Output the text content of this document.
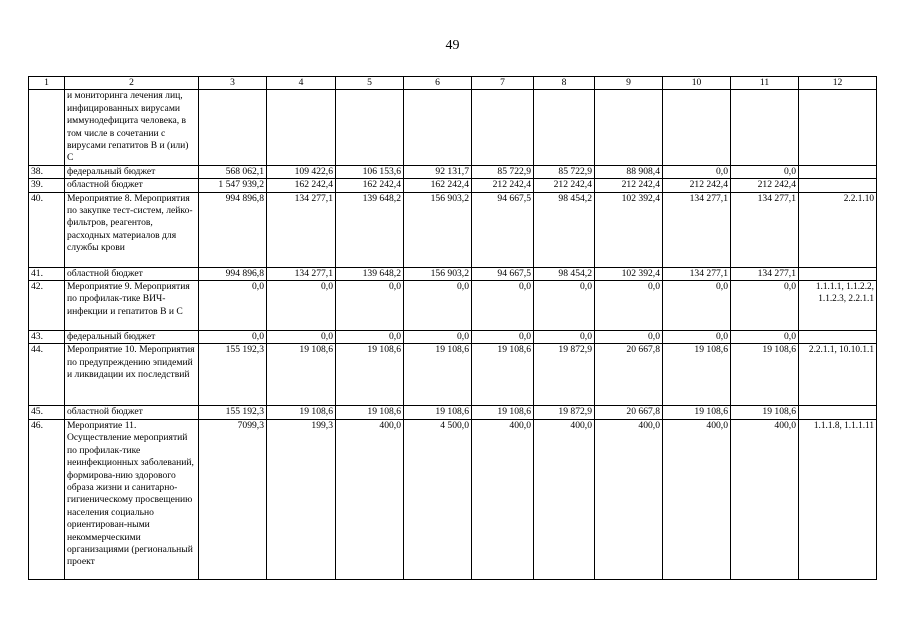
49
1	2	3	4	5	6	7	8	9	10	11	12
	и мониторинга лечения лиц, инфицированных вирусами иммунодефицита человека, в том числе в сочетании с вирусами гепатитов В и (или) С										
38.	федеральный бюджет	568 062,1	109 422,6	106 153,6	92 131,7	85 722,9	85 722,9	88 908,4	0,0	0,0	
39.	областной бюджет	1 547 939,2	162 242,4	162 242,4	162 242,4	212 242,4	212 242,4	212 242,4	212 242,4	212 242,4	
40.	Мероприятие 8. Мероприятия по закупке тест-систем, лейко-фильтров, реагентов, расходных материалов для службы крови	994 896,8	134 277,1	139 648,2	156 903,2	94 667,5	98 454,2	102 392,4	134 277,1	134 277,1	2.2.1.10
41.	областной бюджет	994 896,8	134 277,1	139 648,2	156 903,2	94 667,5	98 454,2	102 392,4	134 277,1	134 277,1	
42.	Мероприятие 9. Мероприятия по профилак-тике ВИЧ-инфекции и гепатитов В и С	0,0	0,0	0,0	0,0	0,0	0,0	0,0	0,0	0,0	1.1.1.1, 1.1.2.2, 1.1.2.3, 2.2.1.1
43.	федеральный бюджет	0,0	0,0	0,0	0,0	0,0	0,0	0,0	0,0	0,0	
44.	Мероприятие 10. Мероприятия по предупреждению эпидемий и ликвидации их последствий	155 192,3	19 108,6	19 108,6	19 108,6	19 108,6	19 872,9	20 667,8	19 108,6	19 108,6	2.2.1.1, 10.10.1.1
45.	областной бюджет	155 192,3	19 108,6	19 108,6	19 108,6	19 108,6	19 872,9	20 667,8	19 108,6	19 108,6	
46.	Мероприятие 11. Осуществление мероприятий по профилак-тике неинфекционных заболеваний, формирова-нию здорового образа жизни и санитарно-гигиеническому просвещению населения социально ориентирован-ными некоммерческими организациями (региональный проект	7099,3	199,3	400,0	4 500,0	400,0	400,0	400,0	400,0	400,0	1.1.1.8, 1.1.1.11
